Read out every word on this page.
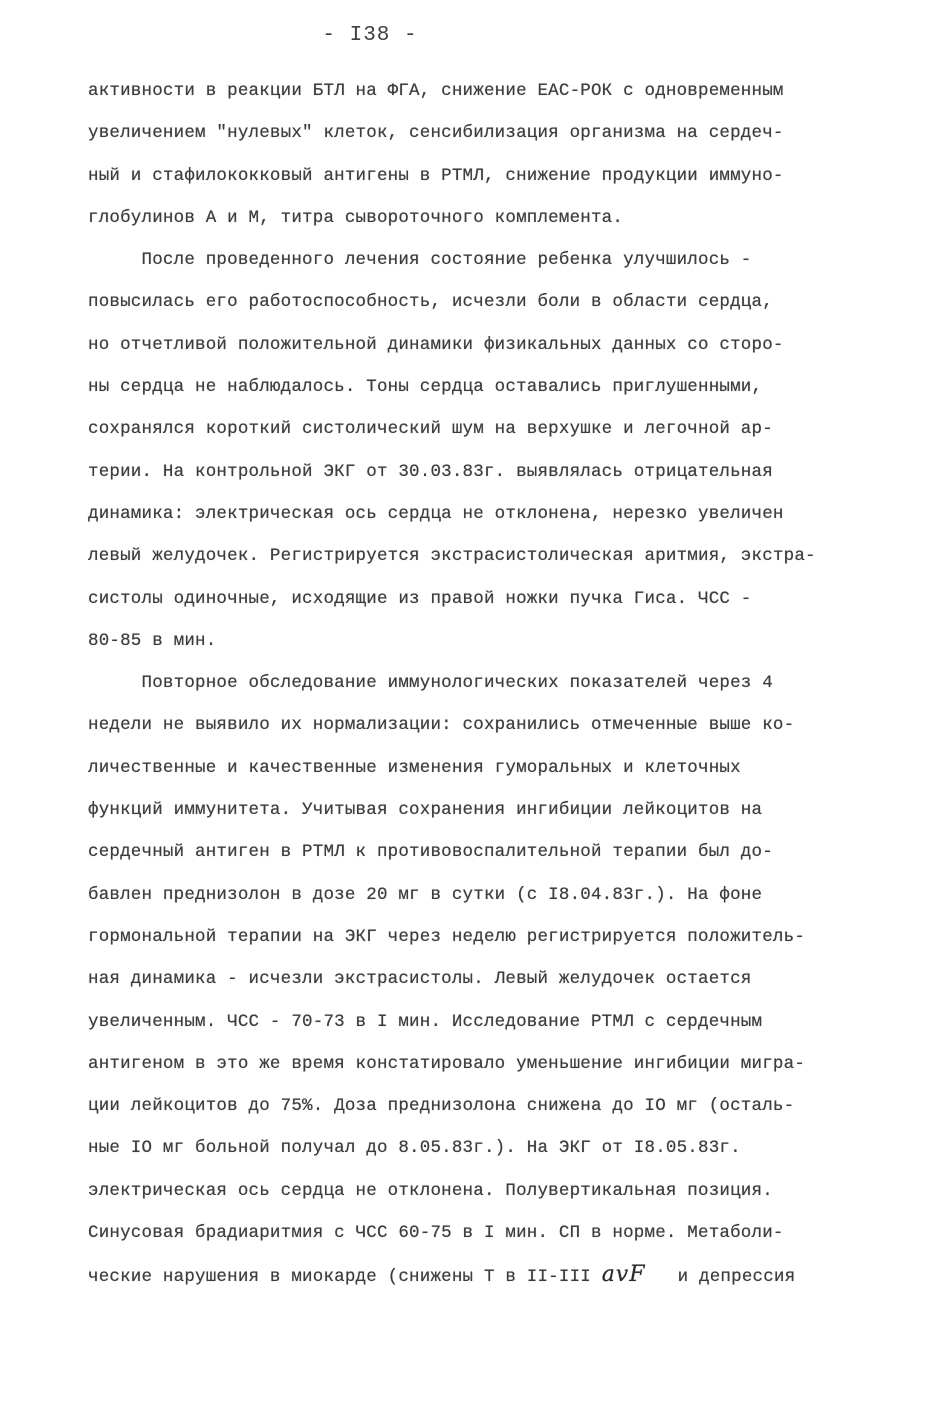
- I38 -
активности в реакции БТЛ на ФГА, снижение ЕАС-РОК с одновременным
увеличением "нулевых" клеток, сенсибилизация организма на сердеч-
ный и стафилококковый антигены в РТМЛ, снижение продукции иммуно-
глобулинов А и М, титра сывороточного комплемента.
После проведенного лечения состояние ребенка улучшилось -
повысилась его работоспособность, исчезли боли в области сердца,
но отчетливой положительной динамики физикальных данных со сторо-
ны сердца не наблюдалось. Тоны сердца оставались приглушенными,
сохранялся короткий систолический шум на верхушке и легочной ар-
терии. На контрольной ЭКГ от 30.03.83г. выявлялась отрицательная
динамика: электрическая ось сердца не отклонена, нерезко увеличен
левый желудочек. Регистрируется экстрасистолическая аритмия, экстра-
систолы одиночные, исходящие из правой ножки пучка Гиса. ЧСС -
80-85 в мин.
Повторное обследование иммунологических показателей через 4
недели не выявило их нормализации: сохранились отмеченные выше ко-
личественные и качественные изменения гуморальных и клеточных
функций иммунитета. Учитывая сохранения ингибиции лейкоцитов на
сердечный антиген в РТМЛ к противовоспалительной терапии был до-
бавлен преднизолон в дозе 20 мг в сутки (с I8.04.83г.). На фоне
гормональной терапии на ЭКГ через неделю регистрируется положитель-
ная динамика - исчезли экстрасистолы. Левый желудочек остается
увеличенным. ЧСС - 70-73 в I мин. Исследование РТМЛ с сердечным
антигеном в это же время констатировало уменьшение ингибиции мигра-
ции лейкоцитов до 75%. Доза преднизолона снижена до IO мг (осталь-
ные IO мг больной получал до 8.05.83г.). На ЭКГ от I8.05.83г.
электрическая ось сердца не отклонена. Полувертикальная позиция.
Синусовая брадиаритмия с ЧСС 60-75 в I мин. СП в норме. Метаболи-
ческие нарушения в миокарде (снижены Т в II-III avF   и депрессия
